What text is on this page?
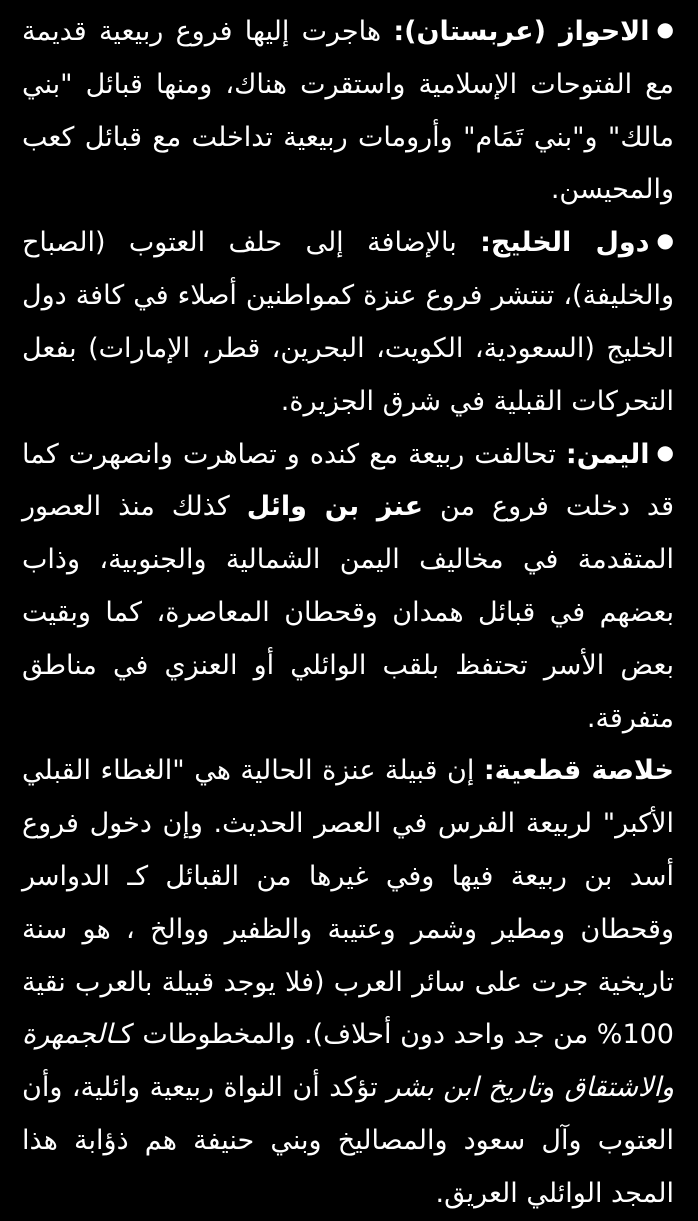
●الاحواز (عربستان): هاجرت إليها فروع ربيعية قديمة مع الفتوحات الإسلامية واستقرت هناك، ومنها قبائل "بني مالك" و"بني تَمَام" وأرومات ربيعية تداخلت مع قبائل كعب والمحيسن.

●دول الخليج: بالإضافة إلى حلف العتوب (الصباح والخليفة)، تنتشر فروع عنزة كمواطنين أصلاء في كافة دول الخليج (السعودية، الكويت، البحرين، قطر، الإمارات) بفعل التحركات القبلية في شرق الجزيرة.

●اليمن: تحالفت ربيعة مع كنده و تصاهرت وانصهرت كما قد دخلت فروع من عنز بن وائل كذلك منذ العصور المتقدمة في مخاليف اليمن الشمالية والجنوبية، وذاب بعضهم في قبائل همدان وقحطان المعاصرة، كما وبقيت بعض الأسر تحتفظ بلقب الوائلي أو العنزي في مناطق متفرقة.

خلاصة قطعية: إن قبيلة عنزة الحالية هي "الغطاء القبلي الأكبر" لربيعة الفرس في العصر الحديث. وإن دخول فروع أسد بن ربيعة فيها وفي غيرها من القبائل كـ الدواسر وقحطان ومطير وشمر وعتيبة والظفير ووالخ ، هو سنة تاريخية جرت على سائر العرب (فلا يوجد قبيلة بالعرب نقية 100% من جد واحد دون أحلاف). والمخطوطات كـالجمهرة والاشتقاق وتاريخ ابن بشر تؤكد أن النواة ربيعية وائلية، وأن العتوب وآل سعود والمصاليخ وبني حنيفة هم ذؤابة هذا المجد الوائلي العريق.
